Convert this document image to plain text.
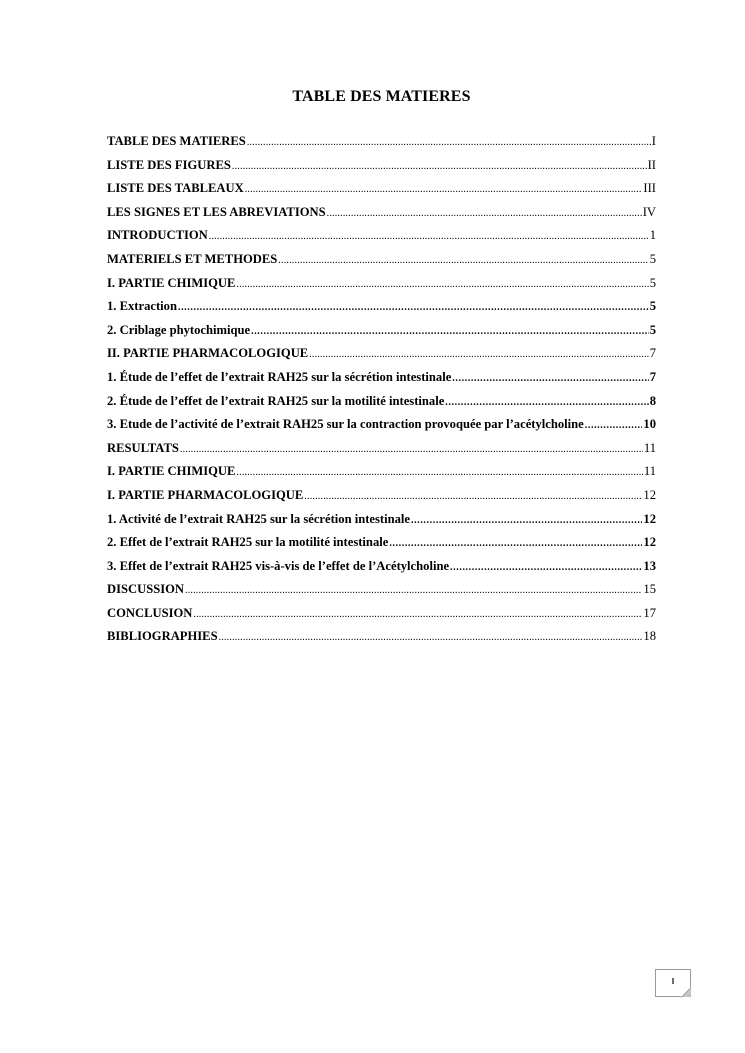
TABLE DES MATIERES
TABLE DES MATIERES .....	I
LISTE DES FIGURES .....	II
LISTE DES TABLEAUX .....	III
LES SIGNES ET LES ABREVIATIONS .....	IV
INTRODUCTION .....	1
MATERIELS ET METHODES .....	5
I. PARTIE CHIMIQUE .....	5
1. Extraction .....	5
2. Criblage phytochimique .....	5
II. PARTIE PHARMACOLOGIQUE .....	7
1. Étude de l’effet de l’extrait RAH25 sur la sécrétion intestinale .....	7
2. Étude de l’effet de l’extrait RAH25 sur la motilité intestinale .....	8
3. Etude de l’activité de l’extrait RAH25 sur la contraction provoquée par l’acétylcholine .....	10
RESULTATS .....	11
I. PARTIE CHIMIQUE .....	11
I. PARTIE PHARMACOLOGIQUE .....	12
1. Activité de l’extrait RAH25 sur la sécrétion intestinale .....	12
2. Effet de l’extrait RAH25 sur la motilité intestinale .....	12
3. Effet de l’extrait RAH25 vis-à-vis de l’effet de l’Acétylcholine .....	13
DISCUSSION .....	15
CONCLUSION .....	17
BIBLIOGRAPHIES .....	18
I
